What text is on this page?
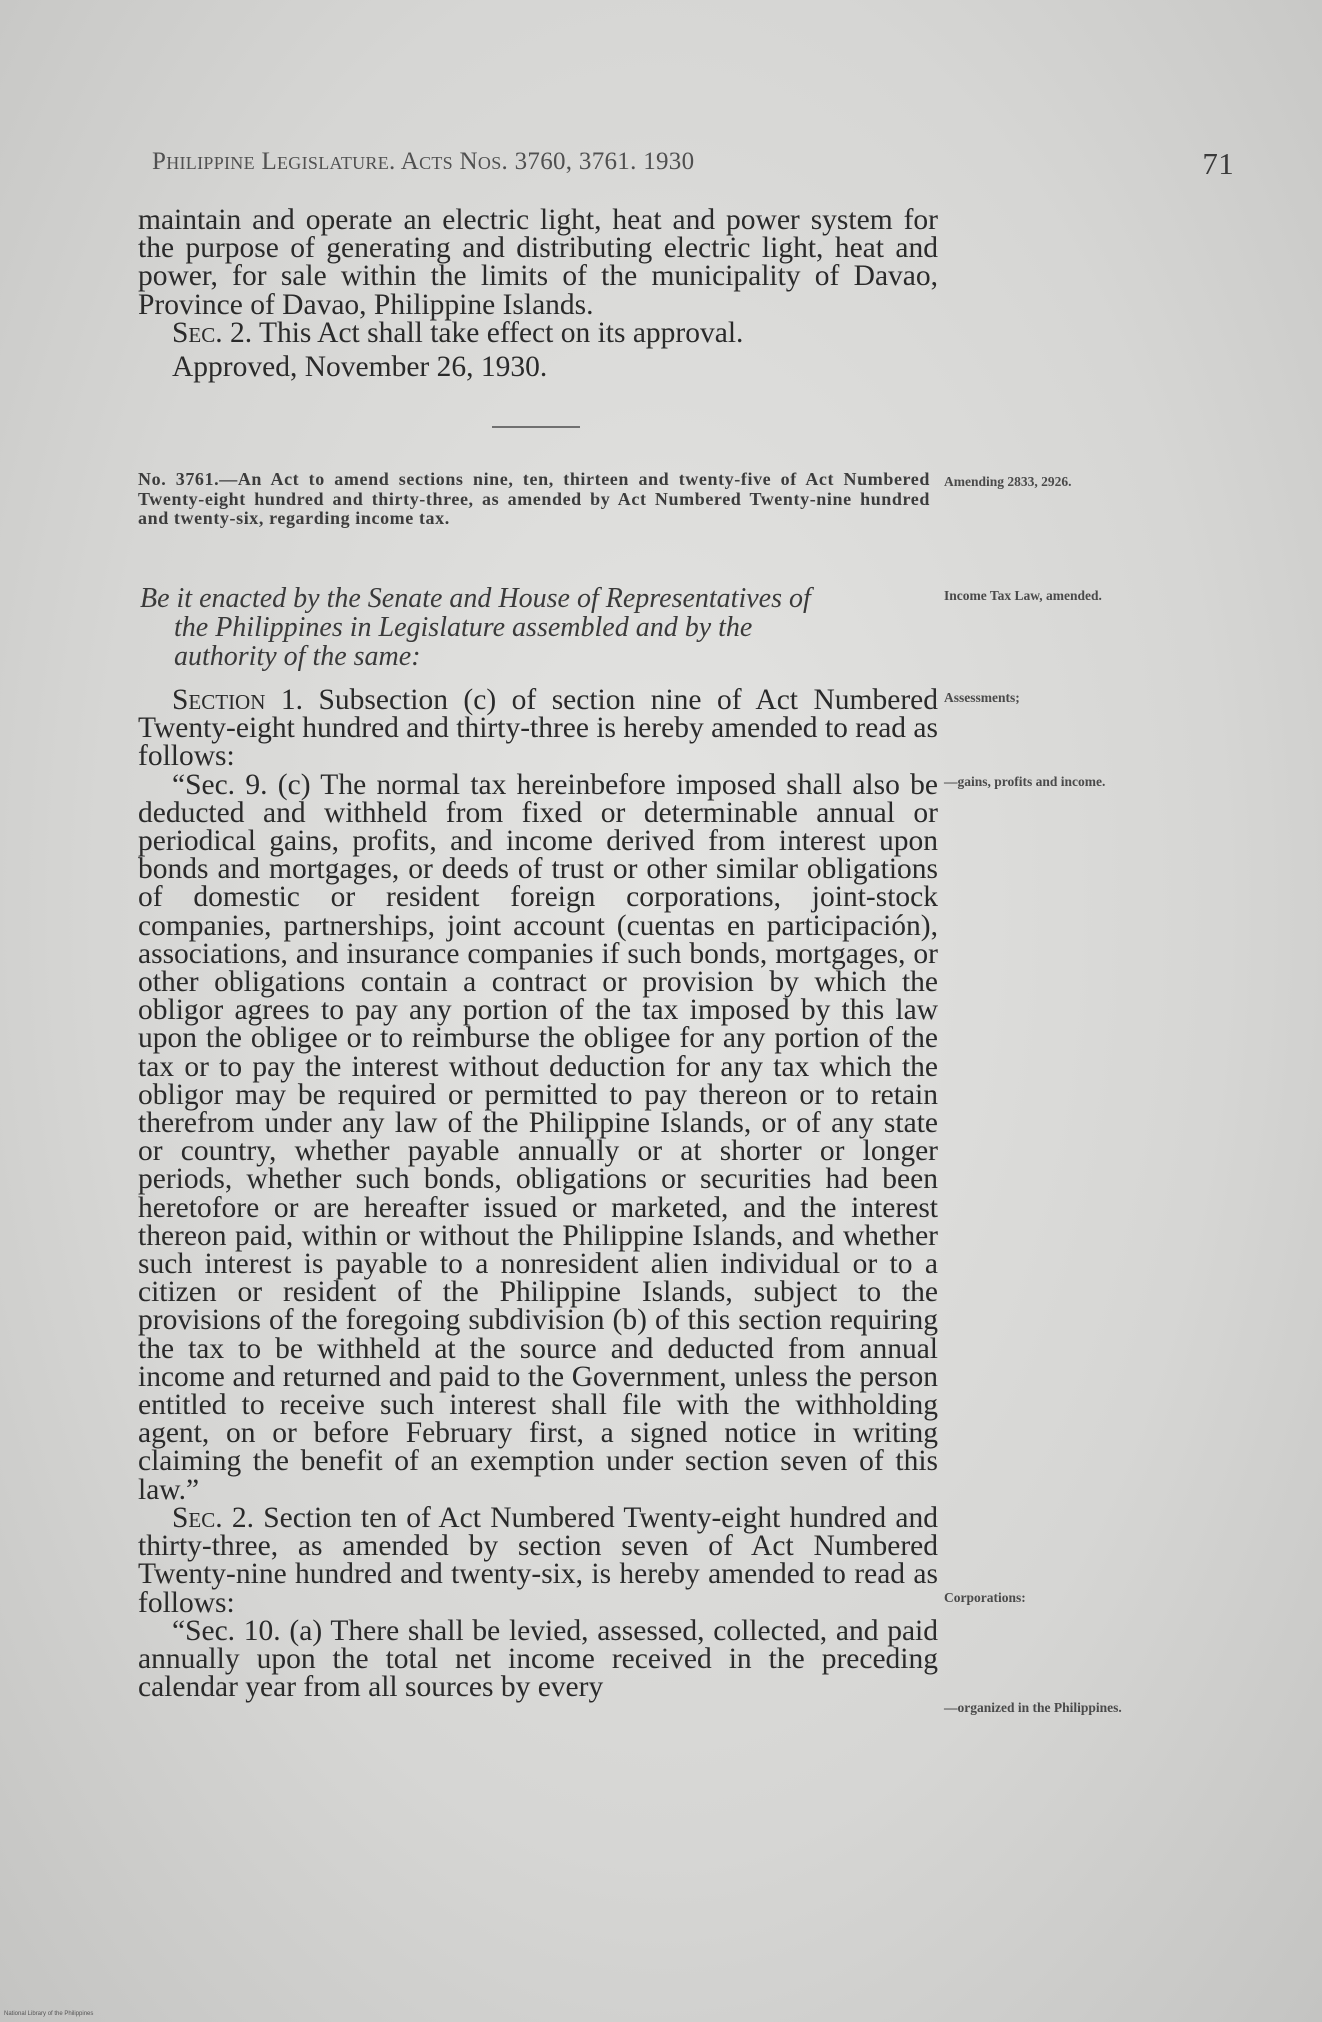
Philippine Legislature. Acts Nos. 3760, 3761. 1930	71

maintain and operate an electric light, heat and power system for the purpose of generating and distributing electric light, heat and power, for sale within the limits of the municipality of Davao, Province of Davao, Philippine Islands.

Sec. 2. This Act shall take effect on its approval.

Approved, November 26, 1930.

No. 3761.—An Act to amend sections nine, ten, thirteen and twenty-five of Act Numbered Twenty-eight hundred and thirty-three, as amended by Act Numbered Twenty-nine hundred and twenty-six, regarding income tax.
Be it enacted by the Senate and House of Representatives of
the Philippines in Legislature assembled and by the
authority of the same:

Section 1. Subsection (c) of section nine of Act Numbered Twenty-eight hundred and thirty-three is hereby amended to read as follows:

“Sec. 9. (c) The normal tax hereinbefore imposed shall also be deducted and withheld from fixed or determinable annual or periodical gains, profits, and income derived from interest upon bonds and mortgages, or deeds of trust or other similar obligations of domestic or resident foreign corporations, joint-stock companies, partnerships, joint account (cuentas en participación), associations, and insurance companies if such bonds, mortgages, or other obligations contain a contract or provision by which the obligor agrees to pay any portion of the tax imposed by this law upon the obligee or to reimburse the obligee for any portion of the tax or to pay the interest without deduction for any tax which the obligor may be required or permitted to pay thereon or to retain therefrom under any law of the Philippine Islands, or of any state or country, whether payable annually or at shorter or longer periods, whether such bonds, obligations or securities had been heretofore or are hereafter issued or marketed, and the interest thereon paid, within or without the Philippine Islands, and whether such interest is payable to a nonresident alien individual or to a citizen or resident of the Philippine Islands, subject to the provisions of the foregoing subdivision (b) of this section requiring the tax to be withheld at the source and deducted from annual income and returned and paid to the Government, unless the person entitled to receive such interest shall file with the withholding agent, on or before February first, a signed notice in writing claiming the benefit of an exemption under section seven of this law.”

Sec. 2. Section ten of Act Numbered Twenty-eight hundred and thirty-three, as amended by section seven of Act Numbered Twenty-nine hundred and twenty-six, is hereby amended to read as follows:

“Sec. 10. (a) There shall be levied, assessed, collected, and paid annually upon the total net income received in the preceding calendar year from all sources by every

Amending 2833, 2926.
Income Tax Law, amended.
Assessments;
—gains, profits and income.
Corporations:
—organized in the Philippines.
National Library of the Philippines
